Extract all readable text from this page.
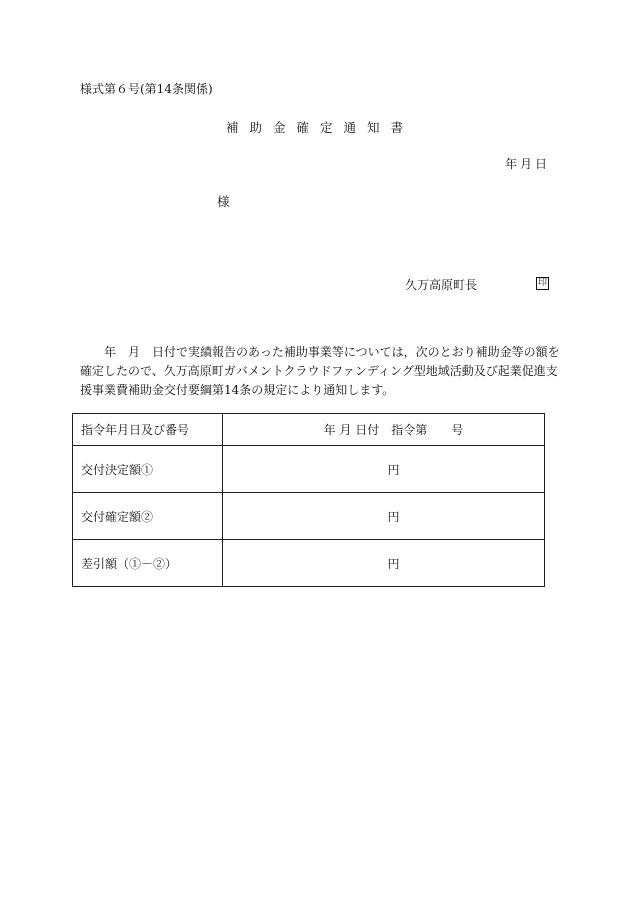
様式第６号(第14条関係)
補助金確定通知書
年月日
様
久万高原町長	印

年　月　日付で実績報告のあった補助事業等については，次のとおり補助金等の額を確定したので、久万高原町ガバメントクラウドファンディング型地域活動及び起業促進支援事業費補助金交付要綱第14条の規定により通知します。

指令年月日及び番号	年 月 日付　指令第　　号
交付決定額①	円
交付確定額②	円
差引額（①－②）	円
